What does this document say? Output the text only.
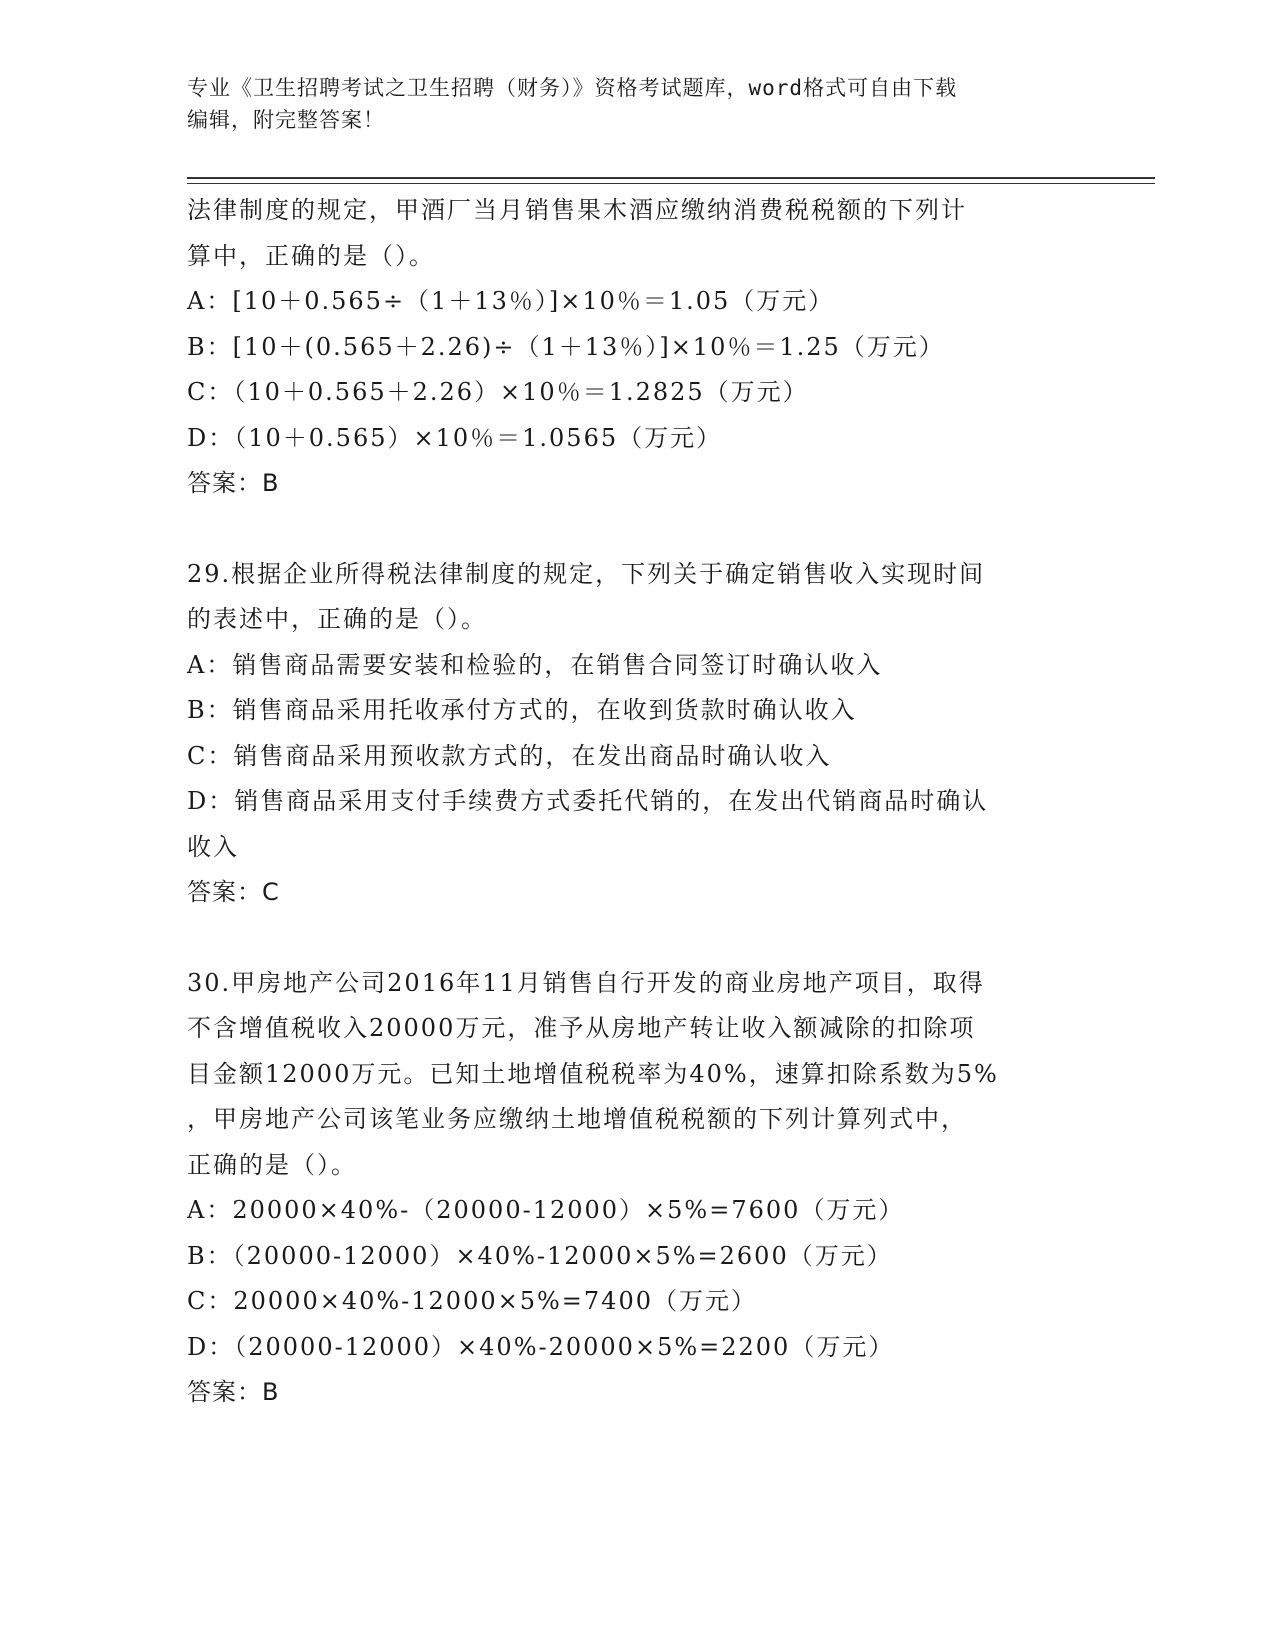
专业《卫生招聘考试之卫生招聘（财务）》资格考试题库，word格式可自由下载
编辑，附完整答案！
法律制度的规定，甲酒厂当月销售果木酒应缴纳消费税税额的下列计
算中，正确的是（）。
A：[10＋0.565÷（1＋13％）]×10％＝1.05（万元）
B：[10＋(0.565＋2.26)÷（1＋13％）]×10％＝1.25（万元）
C：（10＋0.565＋2.26）×10％＝1.2825（万元）
D：（10＋0.565）×10％＝1.0565（万元）
答案：B
29.根据企业所得税法律制度的规定，下列关于确定销售收入实现时间
的表述中，正确的是（）。
A：销售商品需要安装和检验的，在销售合同签订时确认收入
B：销售商品采用托收承付方式的，在收到货款时确认收入
C：销售商品采用预收款方式的，在发出商品时确认收入
D：销售商品采用支付手续费方式委托代销的，在发出代销商品时确认
收入
答案：C
30.甲房地产公司2016年11月销售自行开发的商业房地产项目，取得
不含增值税收入20000万元，准予从房地产转让收入额减除的扣除项
目金额12000万元。已知土地增值税税率为40%，速算扣除系数为5%
，甲房地产公司该笔业务应缴纳土地增值税税额的下列计算列式中，
正确的是（）。
A：20000×40%-（20000-12000）×5%=7600（万元）
B：（20000-12000）×40%-12000×5%=2600（万元）
C：20000×40%-12000×5%=7400（万元）
D：（20000-12000）×40%-20000×5%=2200（万元）
答案：B
